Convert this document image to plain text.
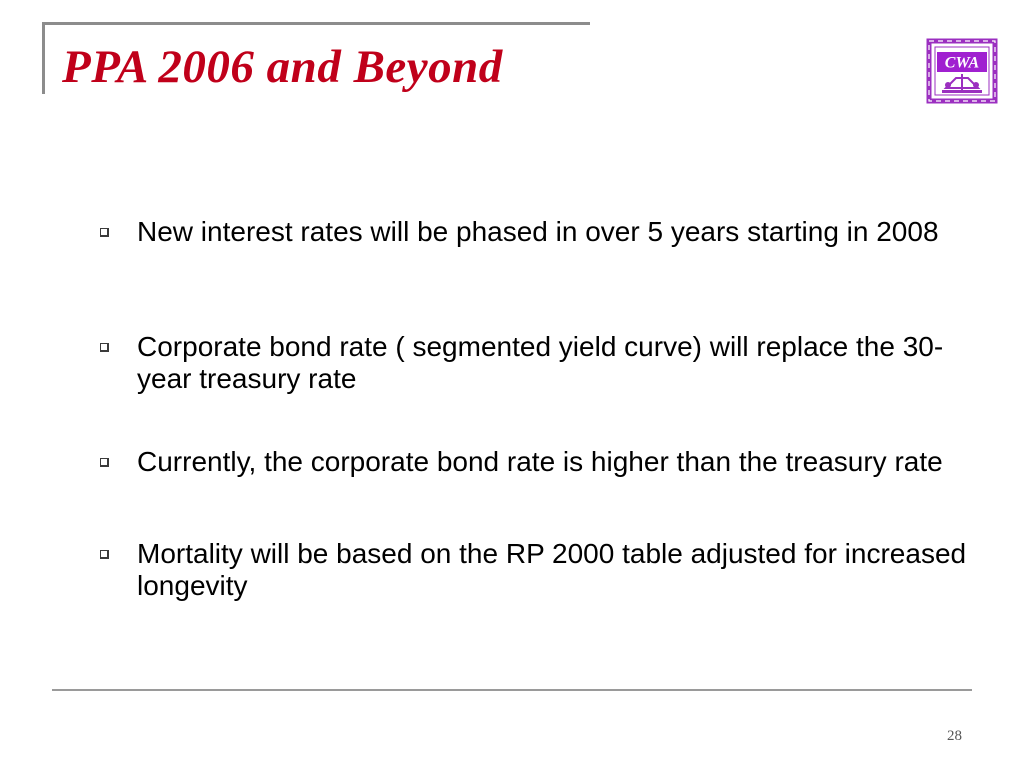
PPA 2006 and Beyond	CWA
New interest rates will be phased in over 5 years starting in 2008
Corporate bond rate ( segmented yield curve) will replace the 30-year treasury rate
Currently, the corporate bond rate is higher than the treasury rate
Mortality will be based on the RP 2000 table adjusted for increased longevity
28
